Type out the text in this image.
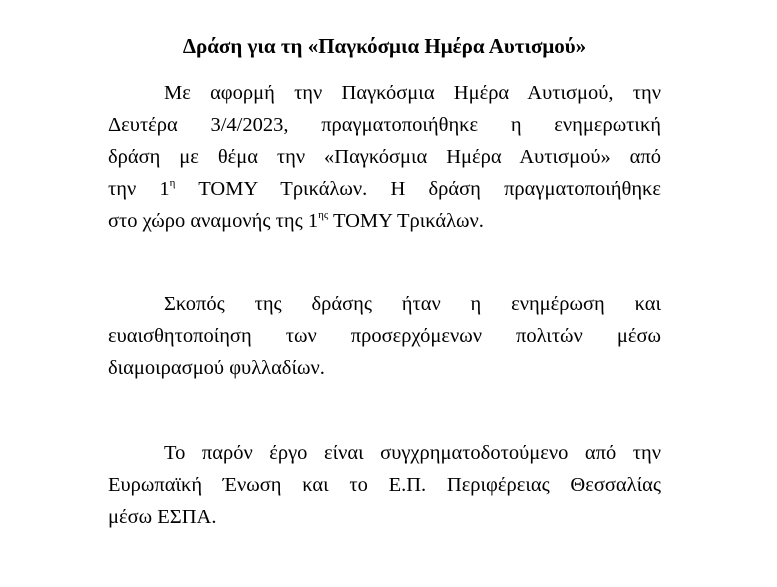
Δράση για τη «Παγκόσμια Ημέρα Αυτισμού»
Με αφορμή την Παγκόσμια Ημέρα Αυτισμού, την
Δευτέρα 3/4/2023, πραγματοποιήθηκε η ενημερωτική
δράση με θέμα την «Παγκόσμια Ημέρα Αυτισμού» από
την $1^\eta$ ΤΟΜΥ Τρικάλων. Η δράση πραγματοποιήθηκε
στο χώρο αναμονής της $1^{\eta\varsigma}$ ΤΟΜΥ Τρικάλων.
Σκοπός της δράσης ήταν η ενημέρωση και
ευαισθητοποίηση των προσερχόμενων πολιτών μέσω
διαμοιρασμού φυλλαδίων.
Το παρόν έργο είναι συγχρηματοδοτούμενο από την
Ευρωπαϊκή Ένωση και το Ε.Π. Περιφέρειας Θεσσαλίας
μέσω ΕΣΠΑ.
